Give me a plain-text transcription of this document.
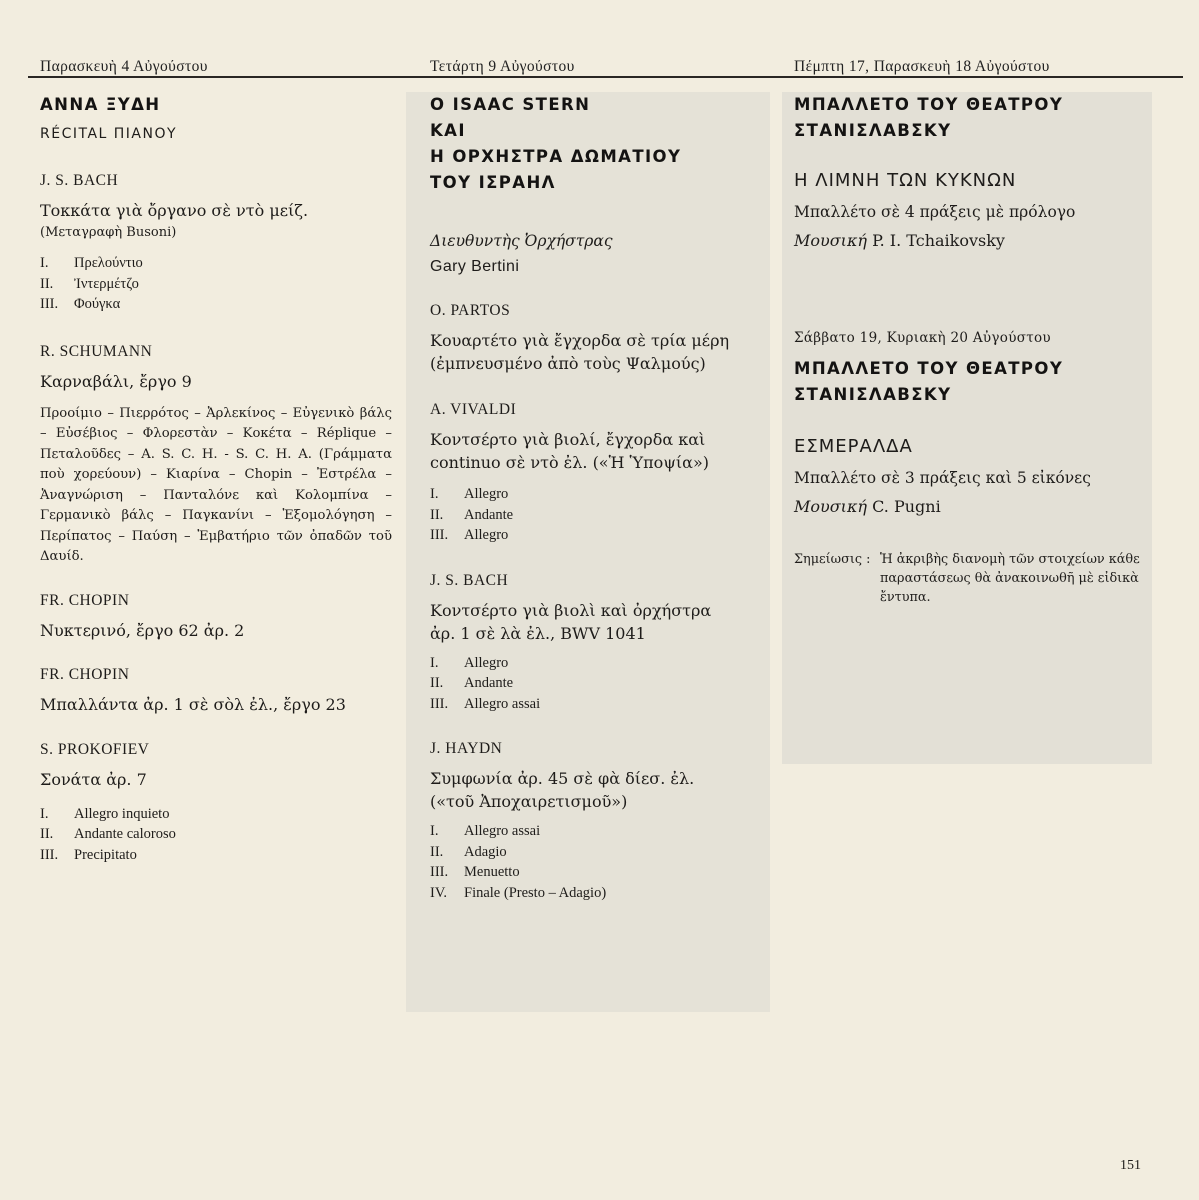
Παρασκευὴ 4 Αὐγούστου	Τετάρτη 9 Αὐγούστου	Πέμπτη 17, Παρασκευὴ 18 Αὐγούστου
ΑΝΝΑ ΞΥΔΗ
RÉCITAL ΠΙΑΝΟΥ
J. S. BACH
Τοκκάτα γιὰ ὄργανο σὲ ντὸ μείζ.
(Μεταγραφὴ Busoni)
I.	Πρελούντιο
II.	Ἰντερμέτζο
III.	Φούγκα
R. SCHUMANN
Καρναβάλι, ἔργο 9
Προοίμιο – Πιερρότος – Ἀρλεκίνος – Εὐγενικὸ βάλς – Εὐσέβιος – Φλορεστὰν – Κοκέτα – Réplique – Πεταλοῦδες – A. S. C. H. - S. C. H. A. (Γράμματα ποὺ χορεύουν) – Κιαρίνα – Chopin – Ἐστρέλα – Ἀναγνώριση – Πανταλόνε καὶ Κολομπίνα – Γερμανικὸ βάλς – Παγκανίνι – Ἐξομολόγηση – Περίπατος – Παύση – Ἐμβατήριο τῶν ὀπαδῶν τοῦ Δαυίδ.
FR. CHOPIN
Νυκτερινό, ἔργο 62 ἀρ. 2
FR. CHOPIN
Μπαλλάντα ἀρ. 1 σὲ σὸλ ἐλ., ἔργο 23
S. PROKOFIEV
Σονάτα ἀρ. 7
I.	Allegro inquieto
II.	Andante caloroso
III.	Precipitato
Ο ISAAC STERN
ΚΑΙ
Η ΟΡΧΗΣΤΡΑ ΔΩΜΑΤΙΟΥ
ΤΟΥ ΙΣΡΑΗΛ
Διευθυντὴς Ὀρχήστρας
Gary Bertini
O. PARTOS
Κουαρτέτο γιὰ ἔγχορδα σὲ τρία μέρη
(ἐμπνευσμένο ἀπὸ τοὺς Ψαλμούς)
A. VIVALDI
Κοντσέρτο γιὰ βιολί, ἔγχορδα καὶ
continuo σὲ ντὸ ἐλ. («Ἡ Ὑποψία»)
I.	Allegro
II.	Andante
III.	Allegro
J. S. BACH
Κοντσέρτο γιὰ βιολὶ καὶ ὀρχήστρα
ἀρ. 1 σὲ λὰ ἐλ., BWV 1041
I.	Allegro
II.	Andante
III.	Allegro assai
J. HAYDN
Συμφωνία ἀρ. 45 σὲ φὰ δίεσ. ἐλ.
(«τοῦ Ἀποχαιρετισμοῦ»)
I.	Allegro assai
II.	Adagio
III.	Menuetto
IV.	Finale (Presto – Adagio)
ΜΠΑΛΛΕΤΟ ΤΟΥ ΘΕΑΤΡΟΥ
ΣΤΑΝΙΣΛΑΒΣΚΥ
Η ΛΙΜΝΗ ΤΩΝ ΚΥΚΝΩΝ
Μπαλλέτο σὲ 4 πράξεις μὲ πρόλογο
Μουσική P. I. Tchaikovsky
Σάββατο 19, Κυριακὴ 20 Αὐγούστου
ΜΠΑΛΛΕΤΟ ΤΟΥ ΘΕΑΤΡΟΥ
ΣΤΑΝΙΣΛΑΒΣΚΥ
ΕΣΜΕΡΑΛΔΑ
Μπαλλέτο σὲ 3 πράξεις καὶ 5 εἰκόνες
Μουσική C. Pugni
Σημείωσις : Ἡ ἀκριβὴς διανομὴ τῶν στοιχείων κάθε παραστάσεως θὰ ἀνακοινωθῆ μὲ εἰδικὰ ἔντυπα.
151
